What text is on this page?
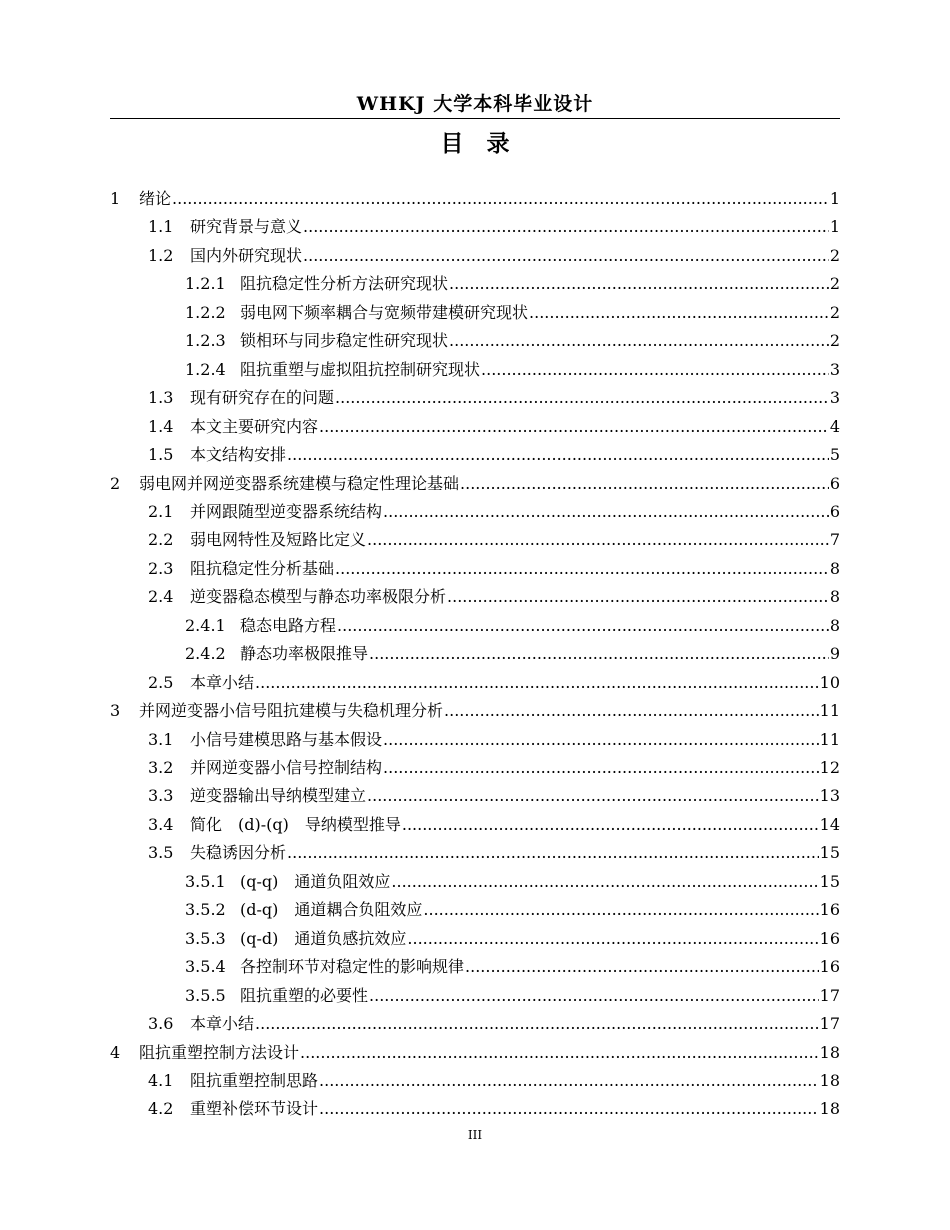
WHKJ 大学本科毕业设计
目　录
1	绪论 .....	1
1.1	研究背景与意义 .....	1
1.2	国内外研究现状 .....	2
1.2.1 阻抗稳定性分析方法研究现状 .....	2
1.2.2 弱电网下频率耦合与宽频带建模研究现状 .....	2
1.2.3 锁相环与同步稳定性研究现状 .....	2
1.2.4 阻抗重塑与虚拟阻抗控制研究现状 .....	3
1.3	现有研究存在的问题 .....	3
1.4	本文主要研究内容 .....	4
1.5	本文结构安排 .....	5
2	弱电网并网逆变器系统建模与稳定性理论基础 .....	6
2.1	并网跟随型逆变器系统结构 .....	6
2.2	弱电网特性及短路比定义 .....	7
2.3	阻抗稳定性分析基础 .....	8
2.4	逆变器稳态模型与静态功率极限分析 .....	8
2.4.1 稳态电路方程 .....	8
2.4.2 静态功率极限推导 .....	9
2.5	本章小结 .....	10
3	并网逆变器小信号阻抗建模与失稳机理分析 .....	11
3.1	小信号建模思路与基本假设 .....	11
3.2	并网逆变器小信号控制结构 .....	12
3.3	逆变器输出导纳模型建立 .....	13
3.4	简化　(d)-(q)　导纳模型推导 .....	14
3.5	失稳诱因分析 .....	15
3.5.1 (q-q)　通道负阻效应 .....	15
3.5.2 (d-q)　通道耦合负阻效应 .....	16
3.5.3 (q-d)　通道负感抗效应 .....	16
3.5.4 各控制环节对稳定性的影响规律 .....	16
3.5.5 阻抗重塑的必要性 .....	17
3.6	本章小结 .....	17
4	阻抗重塑控制方法设计 .....	18
4.1	阻抗重塑控制思路 .....	18
4.2	重塑补偿环节设计 .....	18
III
